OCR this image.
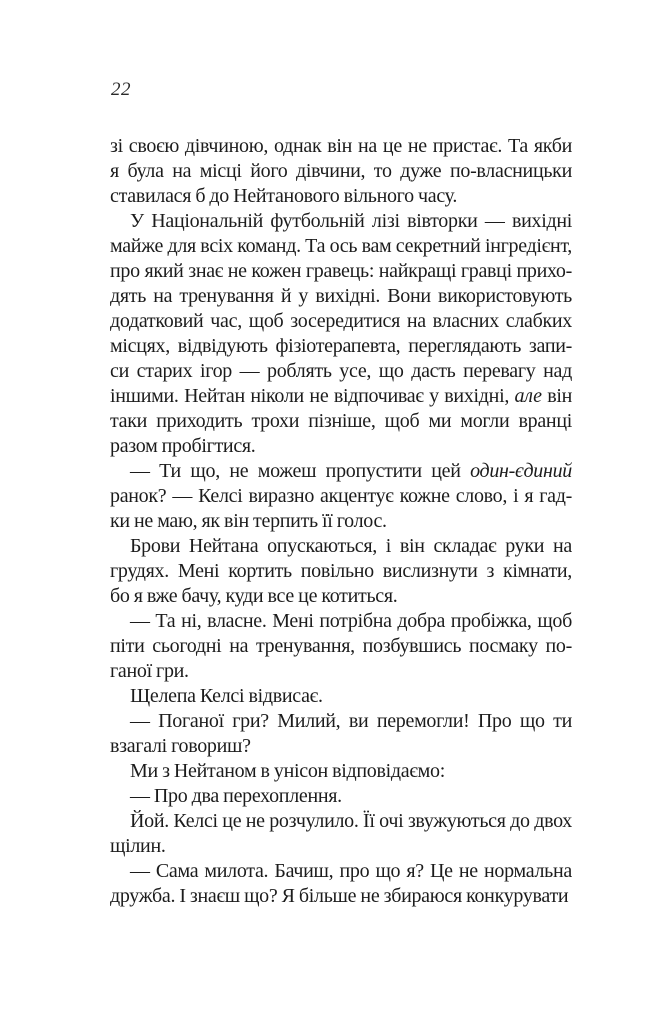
22
зі своєю дівчиною, однак він на це не пристає. Та якби
я була на місці його дівчини, то дуже по-власницьки
ставилася б до Нейтанового вільного часу.
У Національній футбольній лізі вівторки — вихідні
майже для всіх команд. Та ось вам секретний інгредієнт,
про який знає не кожен гравець: найкращі гравці прихо-
дять на тренування й у вихідні. Вони використовують
додатковий час, щоб зосередитися на власних слабких
місцях, відвідують фізіотерапевта, переглядають запи-
си старих ігор — роблять усе, що дасть перевагу над
іншими. Нейтан ніколи не відпочиває у вихідні, але він
таки приходить трохи пізніше, щоб ми могли вранці
разом пробігтися.
— Ти що, не можеш пропустити цей один-єдиний
ранок? — Келсі виразно акцентує кожне слово, і я гад-
ки не маю, як він терпить її голос.
Брови Нейтана опускаються, і він складає руки на
грудях. Мені кортить повільно вислизнути з кімнати,
бо я вже бачу, куди все це котиться.
— Та ні, власне. Мені потрібна добра пробіжка, щоб
піти сьогодні на тренування, позбувшись посмаку по-
ганої гри.
Щелепа Келсі відвисає.
— Поганої гри? Милий, ви перемогли! Про що ти
взагалі говориш?
Ми з Нейтаном в унісон відповідаємо:
— Про два перехоплення.
Йой. Келсі це не розчулило. Її очі звужуються до двох
щілин.
— Сама милота. Бачиш, про що я? Це не нормальна
дружба. І знаєш що? Я більше не збираюся конкурувати
